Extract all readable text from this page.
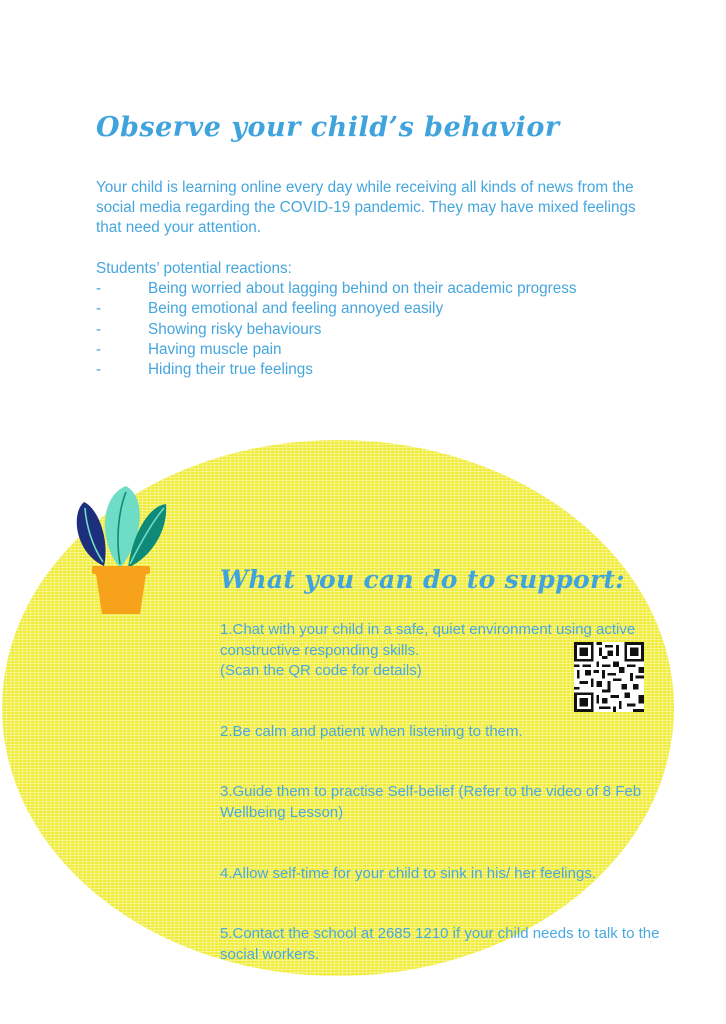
Observe your child’s behavior

Your child is learning online every day while receiving all kinds of news from the social media regarding the COVID-19 pandemic. They may have mixed feelings that need your attention.

Students’ potential reactions:

-	Being worried about lagging behind on their academic progress
-	Being emotional and feeling annoyed easily
-	Showing risky behaviours
-	Having muscle pain
-	Hiding their true feelings
What you can do to support:

1.Chat with your child in a safe, quiet environment using active constructive responding skills.
(Scan the QR code for details)

2.Be calm and patient when listening to them.

3.Guide them to practise Self-belief (Refer to the video of 8 Feb Wellbeing Lesson)

4.Allow self-time for your child to sink in his/ her feelings.

5.Contact the school at 2685 1210 if your child needs to talk to the social workers.
